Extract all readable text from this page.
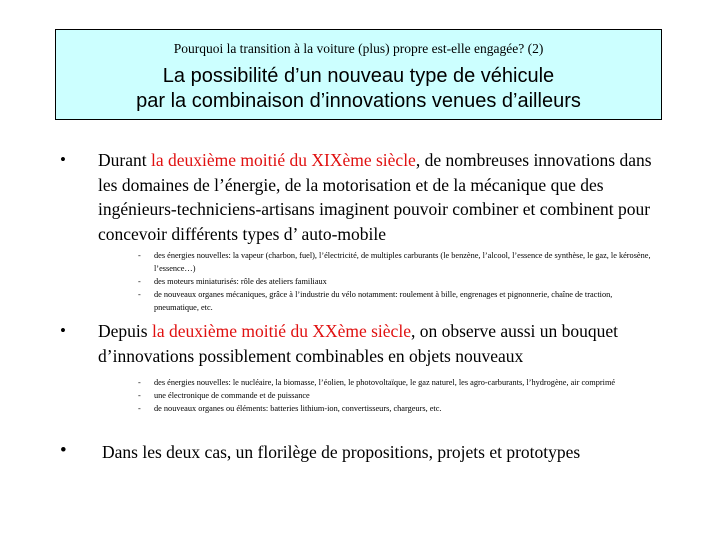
Pourquoi la transition à la voiture (plus) propre est-elle engagée? (2)
La possibilité d’un nouveau type de véhicule
par la combinaison d’innovations venues d’ailleurs
• Durant la deuxième moitié du XIXème siècle, de nombreuses innovations dans les domaines de l’énergie, de la motorisation et de la mécanique que des ingénieurs-techniciens-artisans imaginent pouvoir combiner et combinent pour concevoir différents types d’ auto-mobile
- des énergies nouvelles: la vapeur (charbon, fuel), l’électricité, de multiples carburants (le benzène, l’alcool, l’essence de synthèse, le gaz, le kérosène, l’essence…)
- des moteurs miniaturisés: rôle des ateliers familiaux
- de nouveaux organes mécaniques, grâce à l’industrie du vélo notamment: roulement à bille, engrenages et pignonnerie, chaîne de traction, pneumatique, etc.
• Depuis la deuxième moitié du XXème siècle, on observe aussi un bouquet d’innovations possiblement combinables en objets nouveaux
- des énergies nouvelles: le nucléaire, la biomasse, l’éolien, le photovoltaïque, le gaz naturel, les agro-carburants, l’hydrogène, air comprimé
- une électronique de commande et de puissance
- de nouveaux organes ou éléments: batteries lithium-ion, convertisseurs, chargeurs, etc.
• Dans les deux cas, un florilège de propositions, projets et prototypes
